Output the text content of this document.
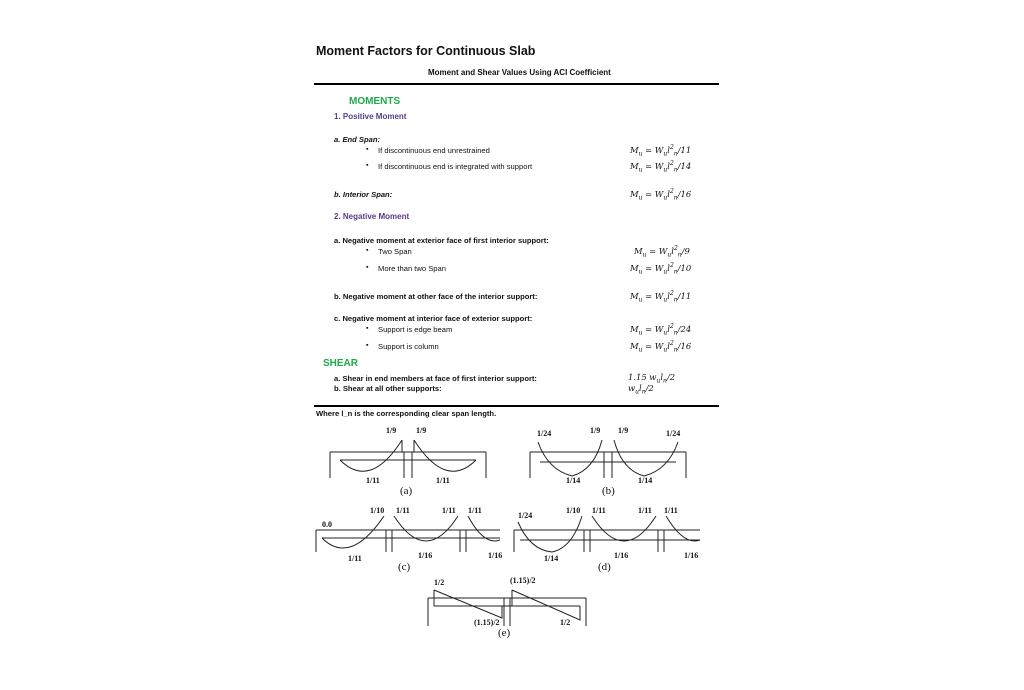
Moment Factors for Continuous Slab
Moment and Shear Values Using ACI Coefficient
MOMENTS
1. Positive Moment
a. End Span:
▪ If discontinuous end unrestrained	$M_u = W_ul^2_n/11$
▪ If discontinuous end is integrated with support	$M_u = W_ul^2_n/14$
b. Interior Span:	$M_u = W_ul^2_n/16$
2. Negative Moment
a. Negative moment at exterior face of first interior support:
▪ Two Span	$M_u = W_ul^2_n/9$
▪ More than two Span	$M_u = W_ul^2_n/10$
b. Negative moment at other face of the interior support:	$M_u = W_ul^2_n/11$
c. Negative moment at interior face of exterior support:
▪ Support is edge beam	$M_u = W_ul^2_n/24$
▪ Support is column	$M_u = W_ul^2_n/16$
SHEAR
a. Shear in end members at face of first interior support:	1.15 $w_ul_n/2$
b. Shear at all other supports:	$w_ul_n/2$
Where l_n is the corresponding clear span length.
1/9 1/9
1/11	1/11
(a)
1/24	1/9 1/9	1/24
1/14	1/14
(b)
0.0
1/10 1/11	1/11 1/11
1/11	1/16	1/16
(c)
1/24
1/10 1/11	1/11 1/11
1/14	1/16	1/16
(d)
1/2	(1.15)/2
(1.15)/2	1/2
(e)
